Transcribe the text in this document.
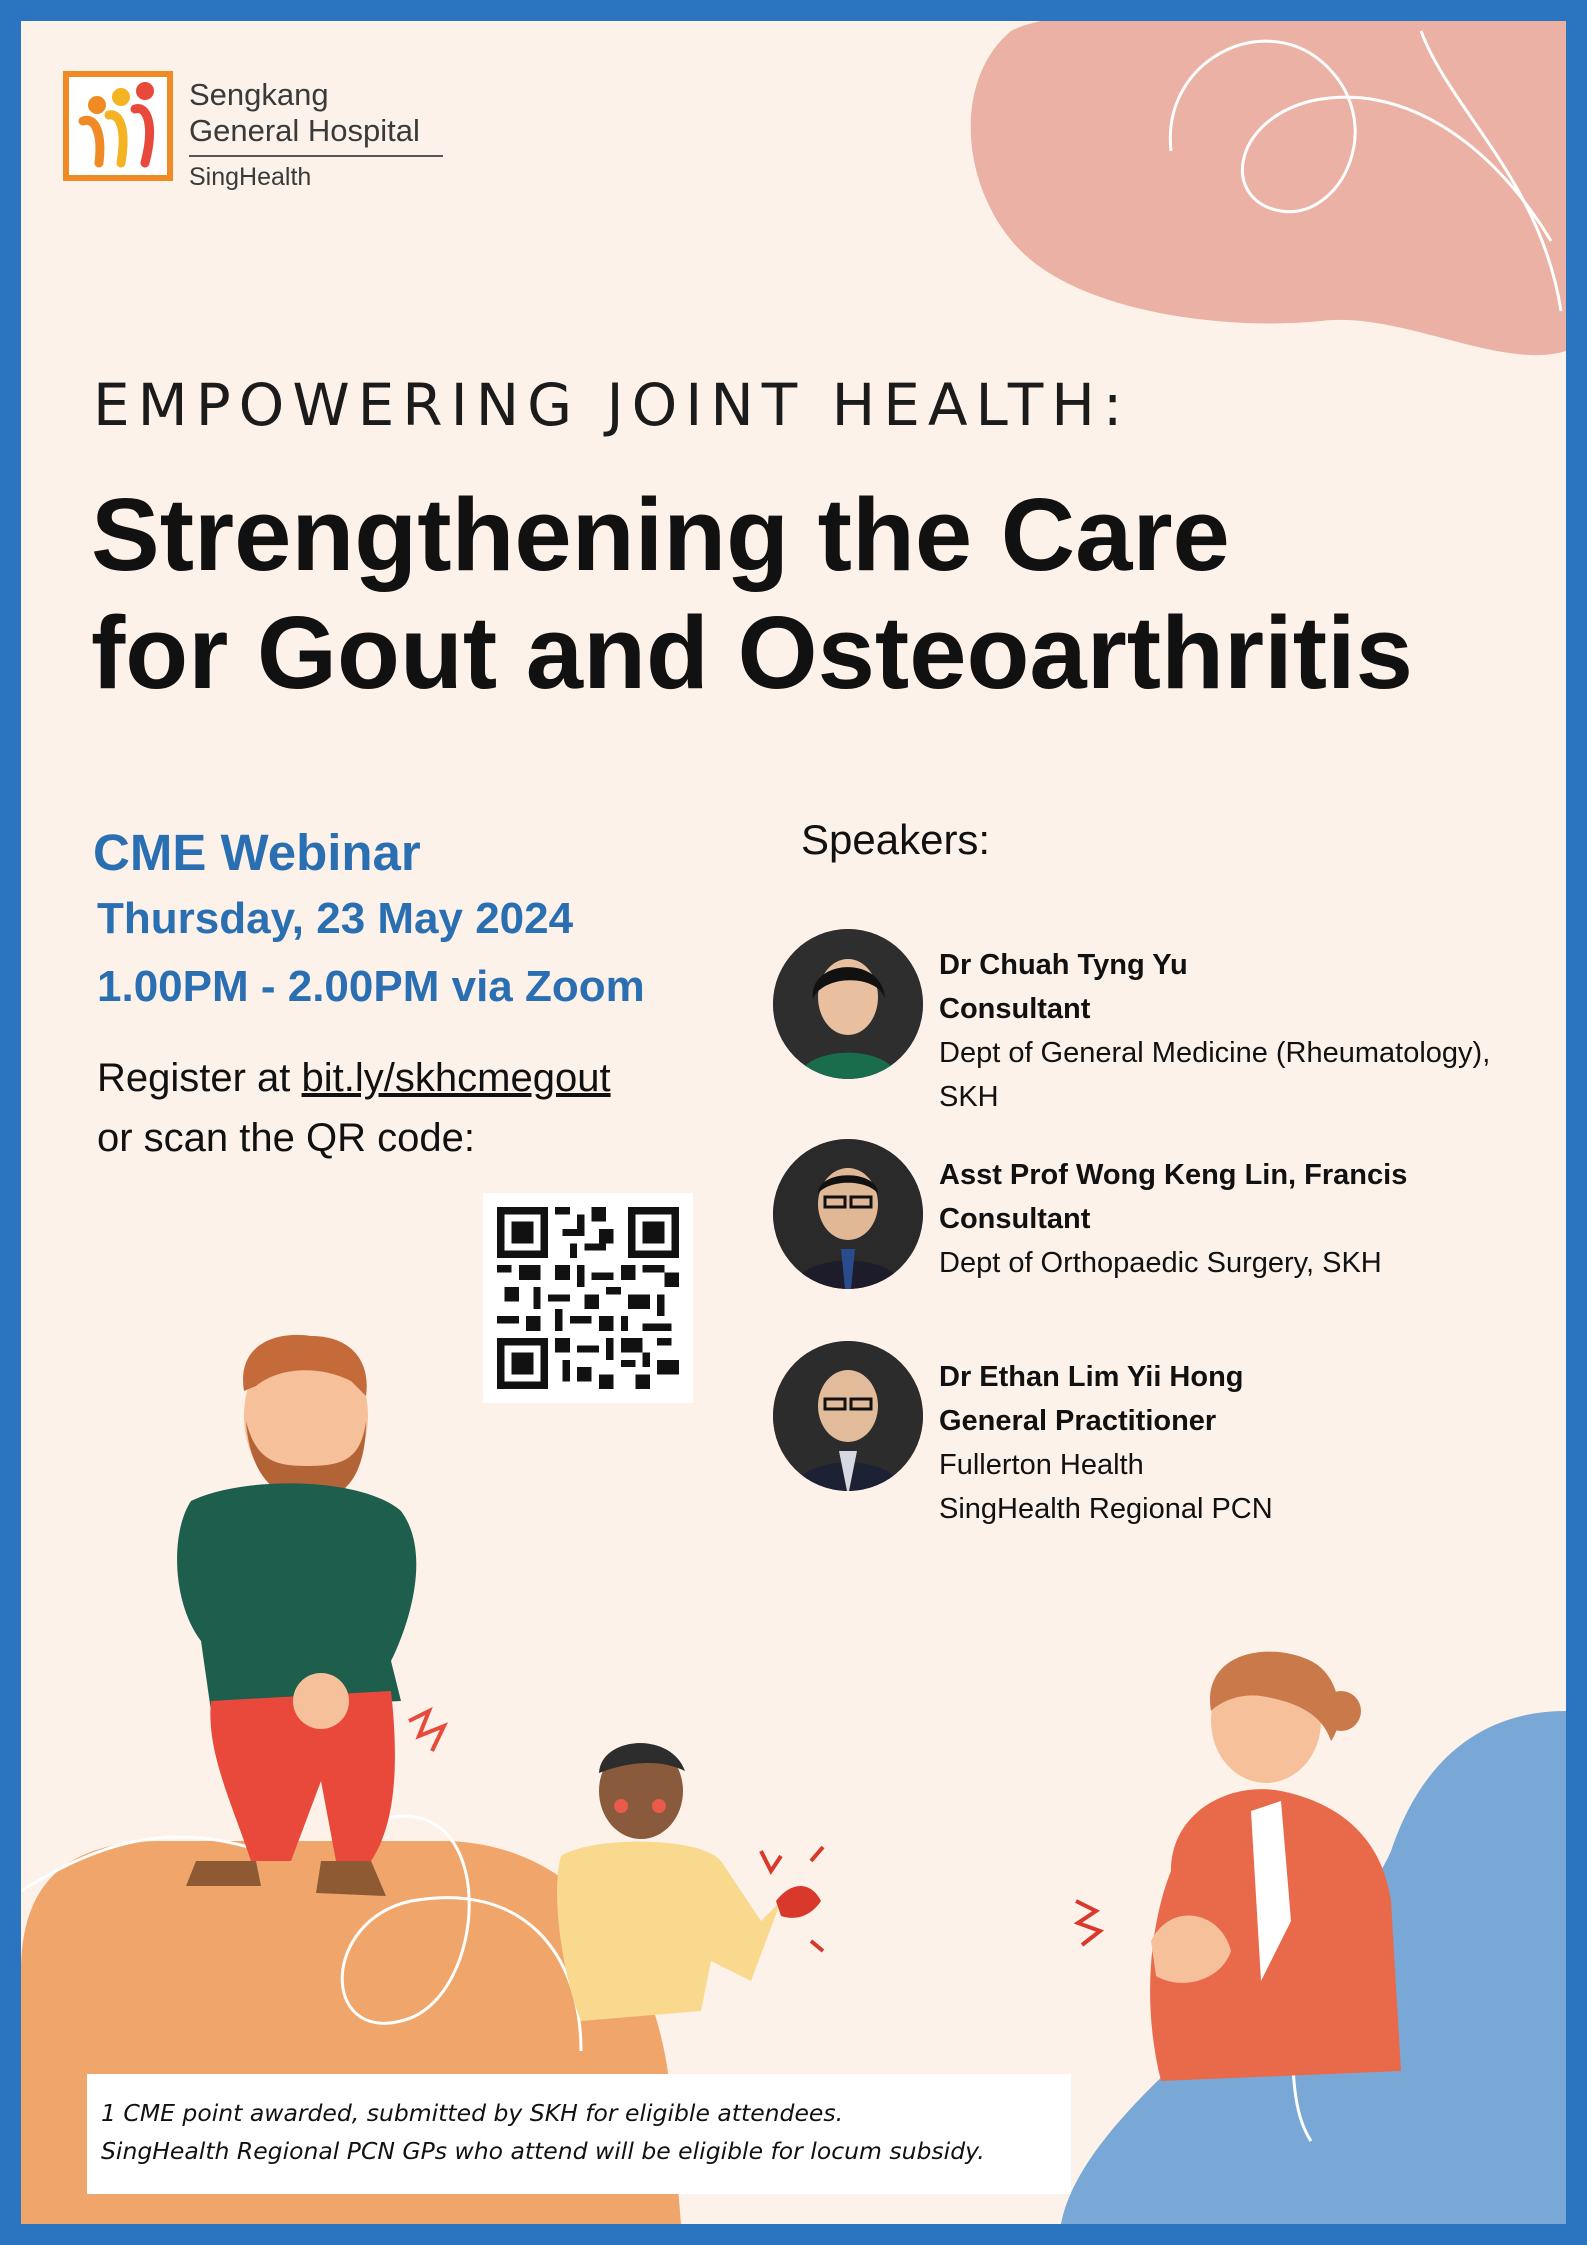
Sengkang
General Hospital
SingHealth
EMPOWERING JOINT HEALTH:
Strengthening the Care
for Gout and Osteoarthritis
CME Webinar
Thursday, 23 May 2024
1.00PM - 2.00PM via Zoom
Register at bit.ly/skhcmegout
or scan the QR code:
Speakers:
Dr Chuah Tyng Yu
Consultant
Dept of General Medicine (Rheumatology),
SKH
Asst Prof Wong Keng Lin, Francis
Consultant
Dept of Orthopaedic Surgery, SKH
Dr Ethan Lim Yii Hong
General Practitioner
Fullerton Health
SingHealth Regional PCN
1 CME point awarded, submitted by SKH for eligible attendees.
SingHealth Regional PCN GPs who attend will be eligible for locum subsidy.
